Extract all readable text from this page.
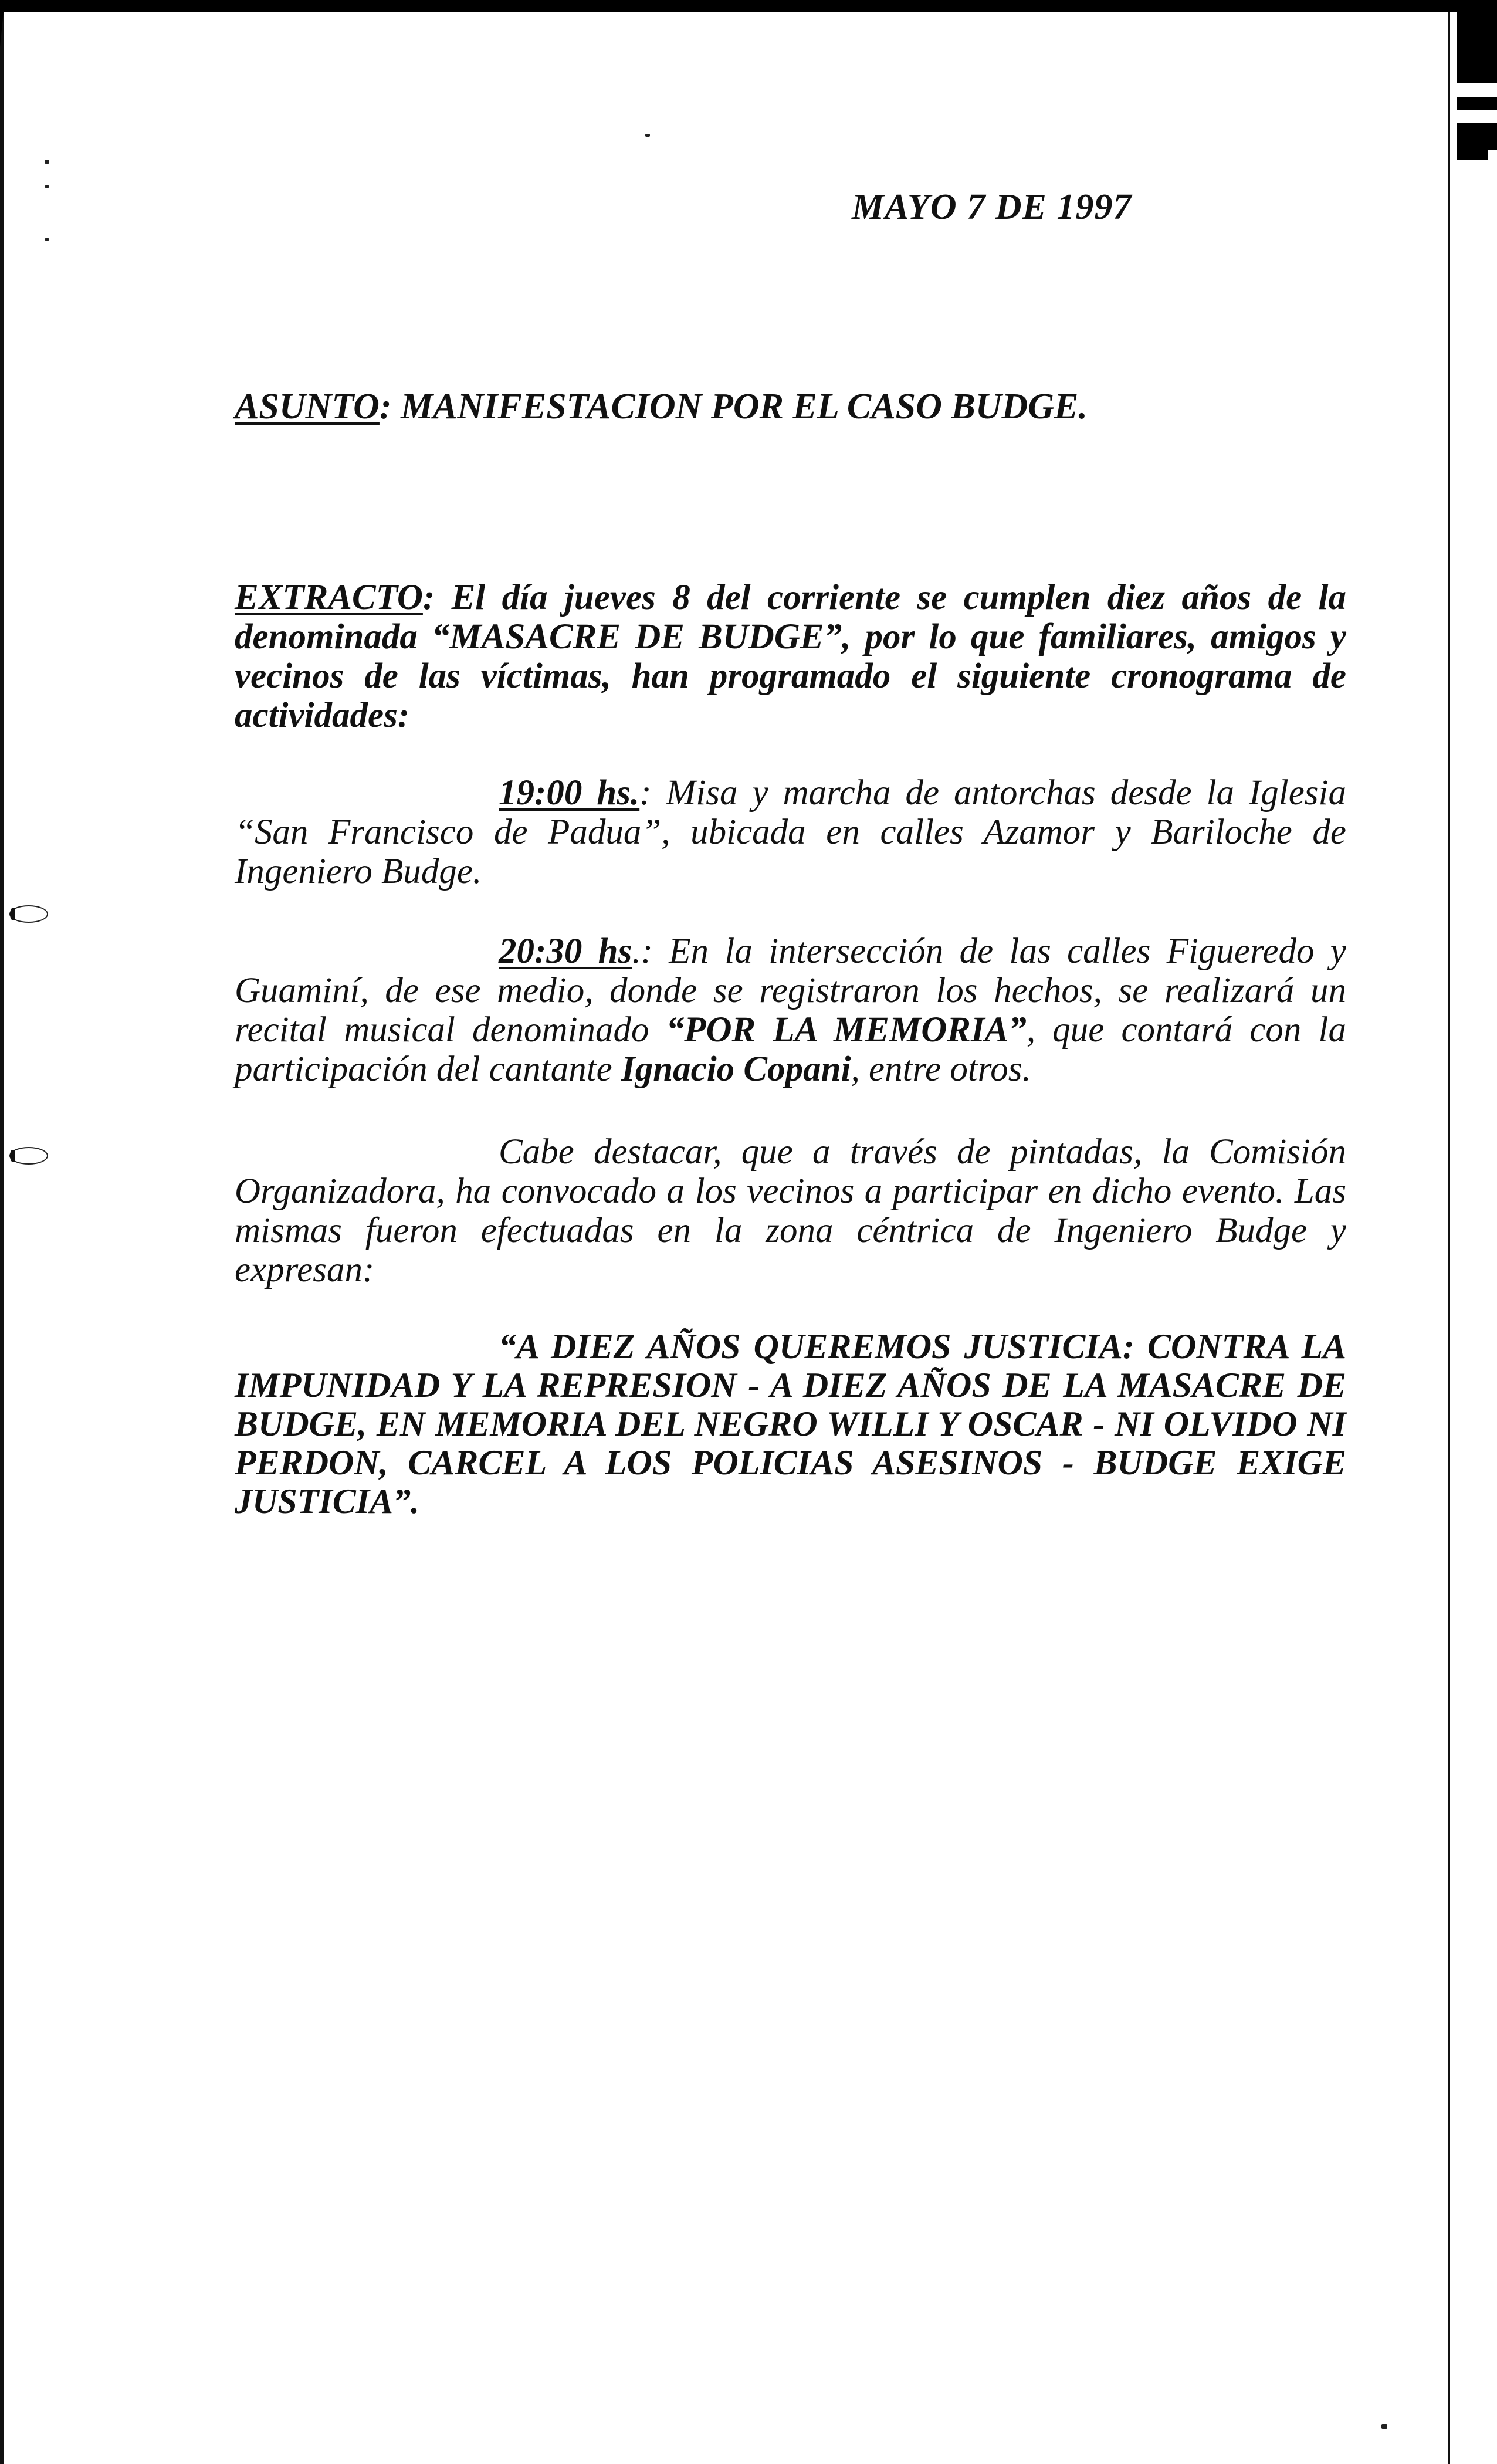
MAYO 7 DE 1997
ASUNTO: MANIFESTACION POR EL CASO BUDGE.
EXTRACTO: El día jueves 8 del corriente se cumplen diez años de la denominada “MASACRE DE BUDGE”, por lo que familiares, amigos y vecinos de las víctimas, han programado el siguiente cronograma de actividades:
19:00 hs.: Misa y marcha de antorchas desde la Iglesia “San Francisco de Padua”, ubicada en calles Azamor y Bariloche de Ingeniero Budge.
20:30 hs.: En la intersección de las calles Figueredo y Guaminí, de ese medio, donde se registraron los hechos, se realizará un recital musical denominado “POR LA MEMORIA”, que contará con la participación del cantante Ignacio Copani, entre otros.
Cabe destacar, que a través de pintadas, la Comisión Organizadora, ha convocado a los vecinos a participar en dicho evento. Las mismas fueron efectuadas en la zona céntrica de Ingeniero Budge y expresan:
“A DIEZ AÑOS QUEREMOS JUSTICIA: CONTRA LA IMPUNIDAD Y LA REPRESION - A DIEZ AÑOS DE LA MASACRE DE BUDGE, EN MEMORIA DEL NEGRO WILLI Y OSCAR - NI OLVIDO NI PERDON, CARCEL A LOS POLICIAS ASESINOS - BUDGE EXIGE JUSTICIA”.
